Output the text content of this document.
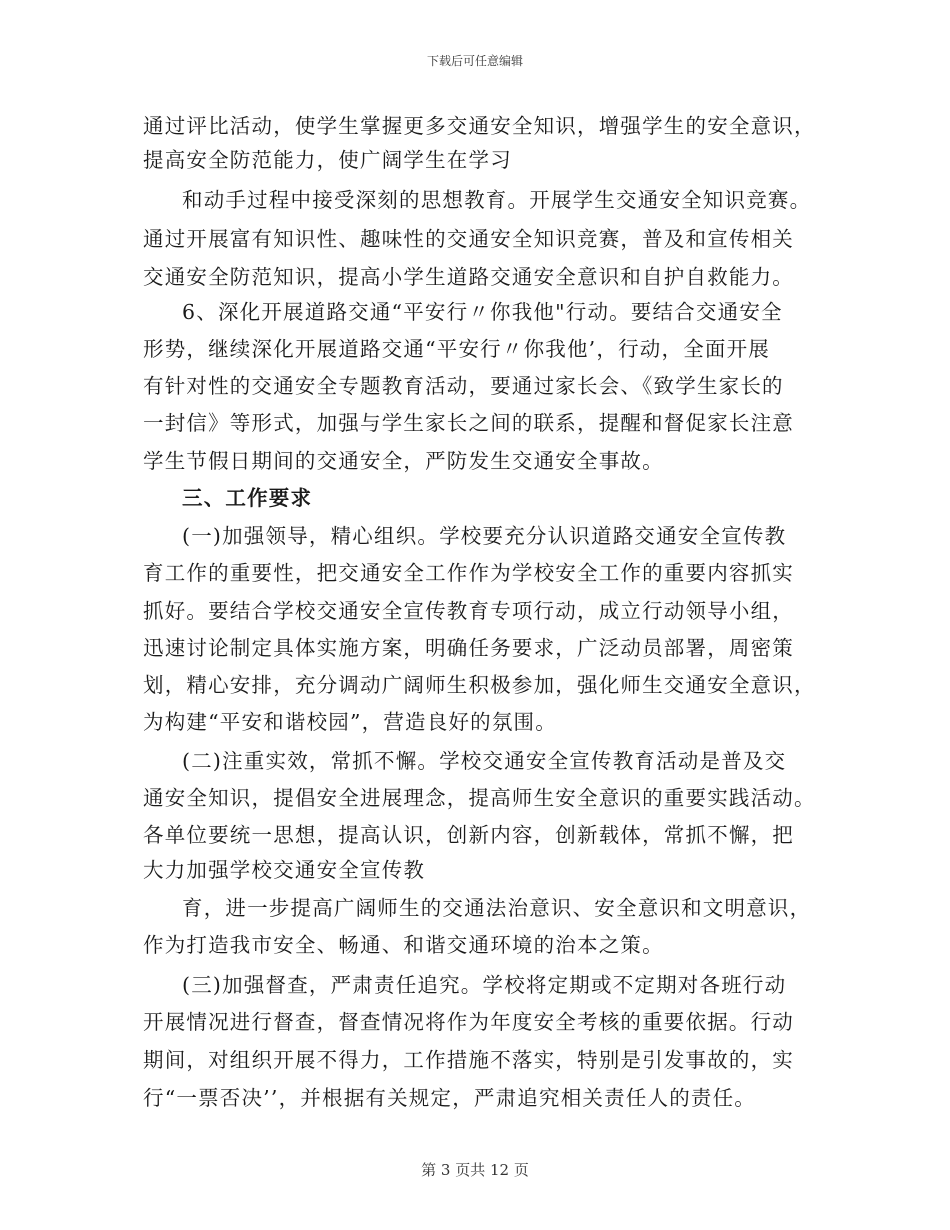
下载后可任意编辑
通过评比活动，使学生掌握更多交通安全知识，增强学生的安全意识，
提高安全防范能力，使广阔学生在学习
和动手过程中接受深刻的思想教育。开展学生交通安全知识竞赛。
通过开展富有知识性、趣味性的交通安全知识竞赛，普及和宣传相关
交通安全防范知识，提高小学生道路交通安全意识和自护自救能力。
6、深化开展道路交通“平安行〃你我他"行动。要结合交通安全
形势，继续深化开展道路交通“平安行〃你我他’，行动，全面开展
有针对性的交通安全专题教育活动，要通过家长会、《致学生家长的
一封信》等形式，加强与学生家长之间的联系，提醒和督促家长注意
学生节假日期间的交通安全，严防发生交通安全事故。
三、工作要求
(一)加强领导，精心组织。学校要充分认识道路交通安全宣传教
育工作的重要性，把交通安全工作作为学校安全工作的重要内容抓实
抓好。要结合学校交通安全宣传教育专项行动，成立行动领导小组，
迅速讨论制定具体实施方案，明确任务要求，广泛动员部署，周密策
划，精心安排，充分调动广阔师生积极参加，强化师生交通安全意识，
为构建“平安和谐校园”，营造良好的氛围。
(二)注重实效，常抓不懈。学校交通安全宣传教育活动是普及交
通安全知识，提倡安全进展理念，提高师生安全意识的重要实践活动。
各单位要统一思想，提高认识，创新内容，创新载体，常抓不懈，把
大力加强学校交通安全宣传教
育，进一步提高广阔师生的交通法治意识、安全意识和文明意识，
作为打造我市安全、畅通、和谐交通环境的治本之策。
(三)加强督查，严肃责任追究。学校将定期或不定期对各班行动
开展情况进行督查，督查情况将作为年度安全考核的重要依据。行动
期间，对组织开展不得力，工作措施不落实，特别是引发事故的，实
行“一票否决’’，并根据有关规定，严肃追究相关责任人的责任。
第 3 页共 12 页
